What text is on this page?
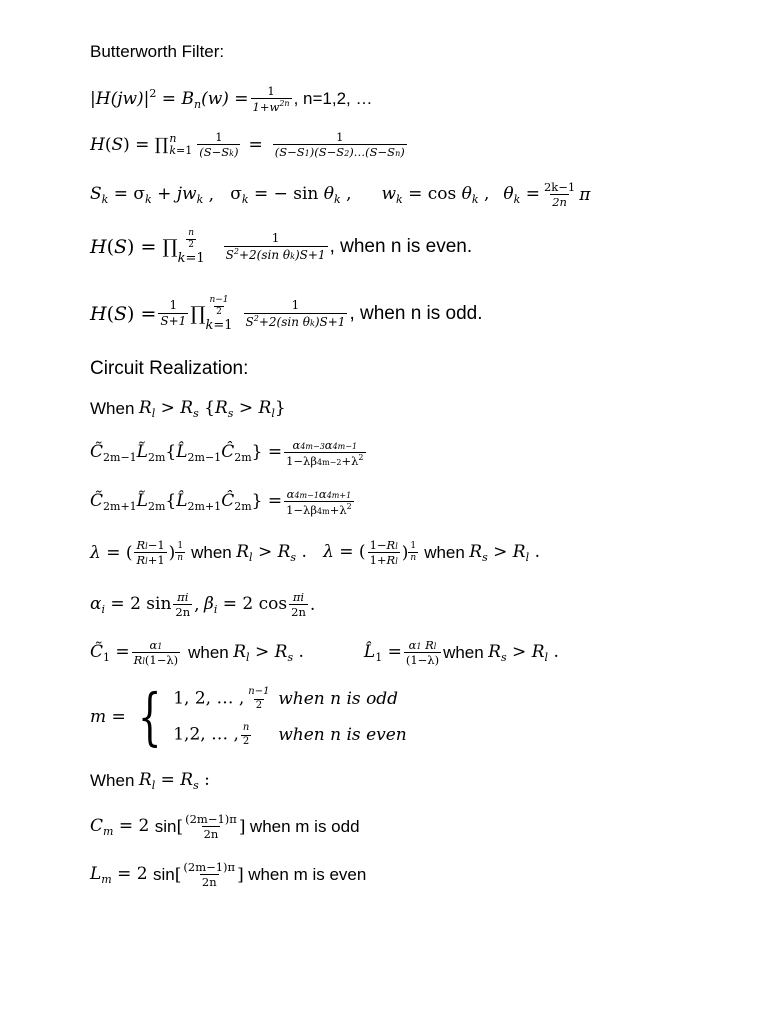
Butterworth Filter:
$|H(jw)|^2 = B_n(w) = \frac{1}{1+w^{2n}}$ , n=1,2, …
H ( S ) = ∏ n
$k=1 \frac{1}{(S-Sk)} = \frac{1}{(S-S1)(S-S2)\dots(S-Sn)}$
$S_k = \sigma_k + jw_k$ , $\sigma_k$ = − $\sin \theta_k$ , $w_k = \cos \theta_k$ , $\theta_k = \frac{2k-1}{2n}$ π
H ( S ) = ∏ $\frac{n}{2}$
$k=1 \frac{1}{S^2+2(\sin \theta k)S+1}$ , when n is even.
H ( S ) = $\frac{1}{S+1}$ ∏ $\frac{n-1}{2}$
$k=1 \frac{1}{S^2+2(\sin \theta k)S+1}$ , when n is odd.
Circuit Realization:
When
$R_l > R_s$ $\{R_s > R_l\}$
$C̃_{2m-1}L̃_{2m}\{L̂_{2m-1}Ĉ_{2m}\} = \frac{\alpha 4m-3\alpha 4m-1}{1-\lambda\beta 4m-2+\lambda^2}$
$C̃_{2m+1}L̃_{2m}\{L̂_{2m+1}Ĉ_{2m}\} = \frac{\alpha 4m-1\alpha 4m+1}{1-\lambda\beta 4m+\lambda^2}$
λ = ( $\frac{Rl-1}{Rl+1}$ ) $\frac{1}{n}$ when
$R_l > R_s$ .   λ = ( $\frac{1-Rl}{1+Rl}$ ) $\frac{1}{n}$ when
$R_s > R_l$ .
$\alpha_i = 2$ $\sin \frac{\pi i}{2n}$ ,
$\beta_i = 2$ $\cos \frac{\pi i}{2n}$ .
$C̃_1 = \frac{\alpha 1}{Rl(1-\lambda)}$ when
$R_l > R_s$ .	$L̂_1 = \frac{\alpha 1 Rl}{(1-\lambda)}$ when
$R_s > R_l$ .
m = { 1, 2, … , $\frac{n-1}{2}$ when n is odd
1,2, … , $\frac{n}{2}$ when n is even
When
$R_l = R_s$ :
$C_m = 2$ sin [ $\frac{(2m-1)\pi}{2n}$ ]
when m is odd
$L_m = 2$ sin [ $\frac{(2m-1)\pi}{2n}$ ]
when m is even
